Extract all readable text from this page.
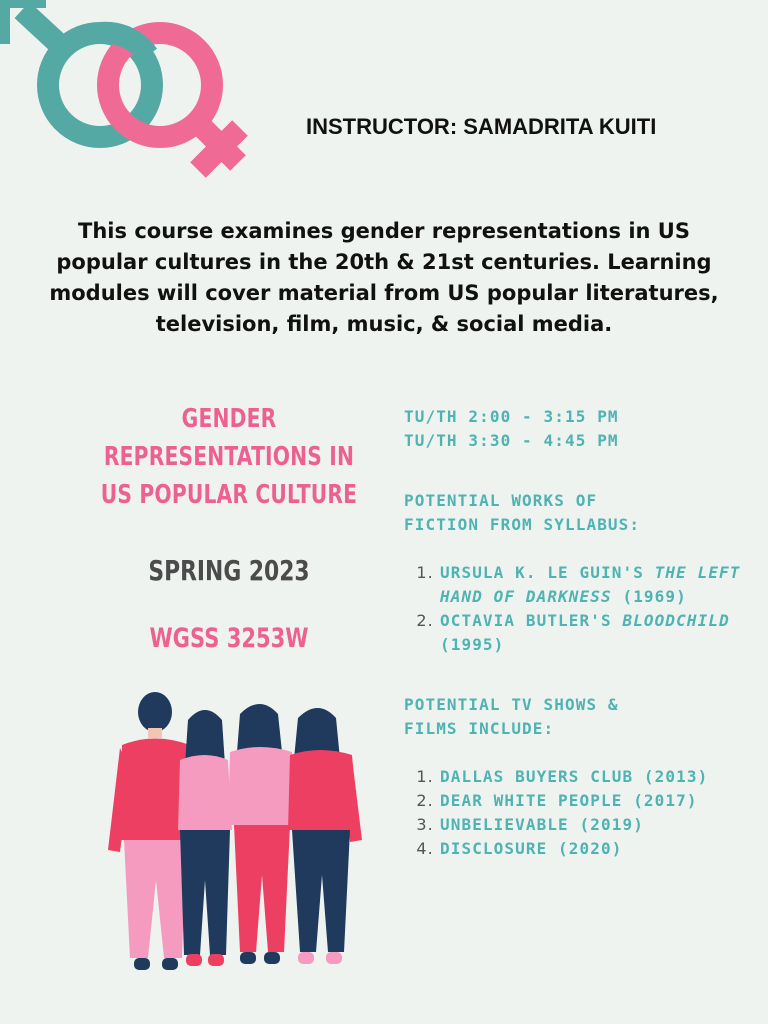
INSTRUCTOR: SAMADRITA KUITI
This course examines gender representations in US
popular cultures in the 20th & 21st centuries. Learning
modules will cover material from US popular literatures,
television, film, music, & social media.
GENDER
REPRESENTATIONS IN
US POPULAR CULTURE
SPRING 2023
WGSS 3253W
TU/TH 2:00 - 3:15 PM
TU/TH 3:30 - 4:45 PM
POTENTIAL WORKS OF
FICTION FROM SYLLABUS:
1. URSULA K. LE GUIN'S THE LEFT HAND OF DARKNESS (1969)
2. OCTAVIA BUTLER'S BLOODCHILD (1995)
POTENTIAL TV SHOWS &
FILMS INCLUDE:
1. DALLAS BUYERS CLUB (2013)
2. DEAR WHITE PEOPLE (2017)
3. UNBELIEVABLE (2019)
4. DISCLOSURE (2020)
